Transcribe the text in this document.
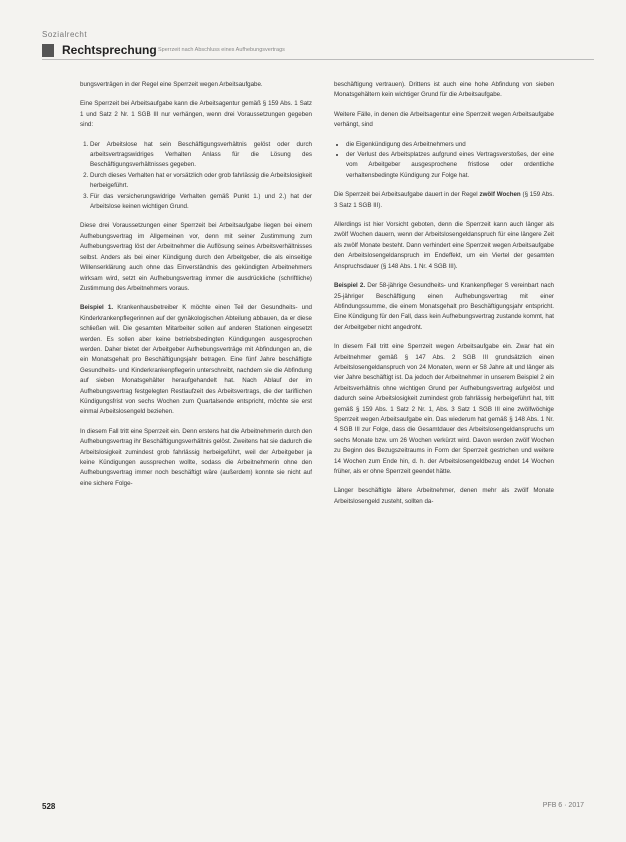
Sozialrecht
Rechtsprechung Sperrzeit nach Abschluss eines Aufhebungsvertrags

bungsverträgen in der Regel eine Sperrzeit wegen Arbeitsaufgabe.

Eine Sperrzeit bei Arbeitsaufgabe kann die Arbeitsagentur gemäß § 159 Abs. 1 Satz 1 und Satz 2 Nr. 1 SGB III nur verhängen, wenn drei Voraussetzungen gegeben sind:

1. Der Arbeitslose hat sein Beschäftigungsverhältnis gelöst oder durch arbeitsvertragswidriges Verhalten Anlass für die Lösung des Beschäftigungsverhältnisses gegeben.
2. Durch dieses Verhalten hat er vorsätzlich oder grob fahrlässig die Arbeitslosigkeit herbeigeführt.
3. Für das versicherungswidrige Verhalten gemäß Punkt 1.) und 2.) hat der Arbeitslose keinen wichtigen Grund.

Diese drei Voraussetzungen einer Sperrzeit bei Arbeitsaufgabe liegen bei einem Aufhebungsvertrag im Allgemeinen vor, denn mit seiner Zustimmung zum Aufhebungsvertrag löst der Arbeitnehmer die Auflösung seines Arbeitsverhältnisses selbst. Anders als bei einer Kündigung durch den Arbeitgeber, die als einseitige Willenserklärung auch ohne das Einverständnis des gekündigten Arbeitnehmers wirksam wird, setzt ein Aufhebungsvertrag immer die ausdrückliche (schriftliche) Zustimmung des Arbeitnehmers voraus.

Beispiel 1. Krankenhausbetreiber K möchte einen Teil der Gesundheits- und Kinderkrankenpflegerinnen auf der gynäkologischen Abteilung abbauen, da er diese schließen will. Die gesamten Mitarbeiter sollen auf anderen Stationen eingesetzt werden. Es sollen aber keine betriebsbedingten Kündigungen ausgesprochen werden. Daher bietet der Arbeitgeber Aufhebungsverträge mit Abfindungen an, die ein Monatsgehalt pro Beschäftigungsjahr betragen. Eine fünf Jahre beschäftigte Gesundheits- und Kinderkrankenpflegerin unterschreibt, nachdem sie die Abfindung auf sieben Monatsgehälter heraufgehandelt hat. Nach Ablauf der im Aufhebungsvertrag festgelegten Restlaufzeit des Arbeitsvertrags, die der tariflichen Kündigungsfrist von sechs Wochen zum Quartalsende entspricht, möchte sie erst einmal Arbeitslosengeld beziehen.

In diesem Fall tritt eine Sperrzeit ein. Denn erstens hat die Arbeitnehmerin durch den Aufhebungsvertrag ihr Beschäftigungsverhältnis gelöst. Zweitens hat sie dadurch die Arbeitslosigkeit zumindest grob fahrlässig herbeigeführt, weil der Arbeitgeber ja keine Kündigungen aussprechen wollte, sodass die Arbeitnehmerin ohne den Aufhebungsvertrag immer noch beschäftigt wäre (außerdem) konnte sie nicht auf eine sichere Folge-

beschäftigung vertrauen). Drittens ist auch eine hohe Abfindung von sieben Monatsgehältern kein wichtiger Grund für die Arbeitsaufgabe.

Weitere Fälle, in denen die Arbeitsagentur eine Sperrzeit wegen Arbeitsaufgabe verhängt, sind

• die Eigenkündigung des Arbeitnehmers und
• der Verlust des Arbeitsplatzes aufgrund eines Vertragsverstoßes, der eine vom Arbeitgeber ausgesprochene fristlose oder ordentliche verhaltensbedingte Kündigung zur Folge hat.

Die Sperrzeit bei Arbeitsaufgabe dauert in der Regel zwölf Wochen (§ 159 Abs. 3 Satz 1 SGB III).

Allerdings ist hier Vorsicht geboten, denn die Sperrzeit kann auch länger als zwölf Wochen dauern, wenn der Arbeitslosengeldanspruch für eine längere Zeit als zwölf Monate besteht. Dann verhindert eine Sperrzeit wegen Arbeitsaufgabe den Arbeitslosengeldanspruch im Endeffekt, um ein Viertel der gesamten Anspruchsdauer (§ 148 Abs. 1 Nr. 4 SGB III).

Beispiel 2. Der 58-jährige Gesundheits- und Krankenpfleger S vereinbart nach 25-jähriger Beschäftigung einen Aufhebungsvertrag mit einer Abfindungssumme, die einem Monatsgehalt pro Beschäftigungsjahr entspricht. Eine Kündigung für den Fall, dass kein Aufhebungsvertrag zustande kommt, hat der Arbeitgeber nicht angedroht.

In diesem Fall tritt eine Sperrzeit wegen Arbeitsaufgabe ein. Zwar hat ein Arbeitnehmer gemäß § 147 Abs. 2 SGB III grundsätzlich einen Arbeitslosengeldanspruch von 24 Monaten, wenn er 58 Jahre alt und länger als vier Jahre beschäftigt ist. Da jedoch der Arbeitnehmer in unserem Beispiel 2 ein Arbeitsverhältnis ohne wichtigen Grund per Aufhebungsvertrag aufgelöst und dadurch seine Arbeitslosigkeit zumindest grob fahrlässig herbeigeführt hat, tritt gemäß § 159 Abs. 1 Satz 2 Nr. 1, Abs. 3 Satz 1 SGB III eine zwölfwöchige Sperrzeit wegen Arbeitsaufgabe ein. Das wiederum hat gemäß § 148 Abs. 1 Nr. 4 SGB III zur Folge, dass die Gesamtdauer des Arbeitslosengeldanspruchs um sechs Monate bzw. um 26 Wochen verkürzt wird. Davon werden zwölf Wochen zu Beginn des Bezugszeitraums in Form der Sperrzeit gestrichen und weitere 14 Wochen zum Ende hin, d. h. der Arbeitslosengeldbezug endet 14 Wochen früher, als er ohne Sperrzeit geendet hätte.

Länger beschäftigte ältere Arbeitnehmer, denen mehr als zwölf Monate Arbeitslosengeld zusteht, sollten da-

528	PFB 6 · 2017
